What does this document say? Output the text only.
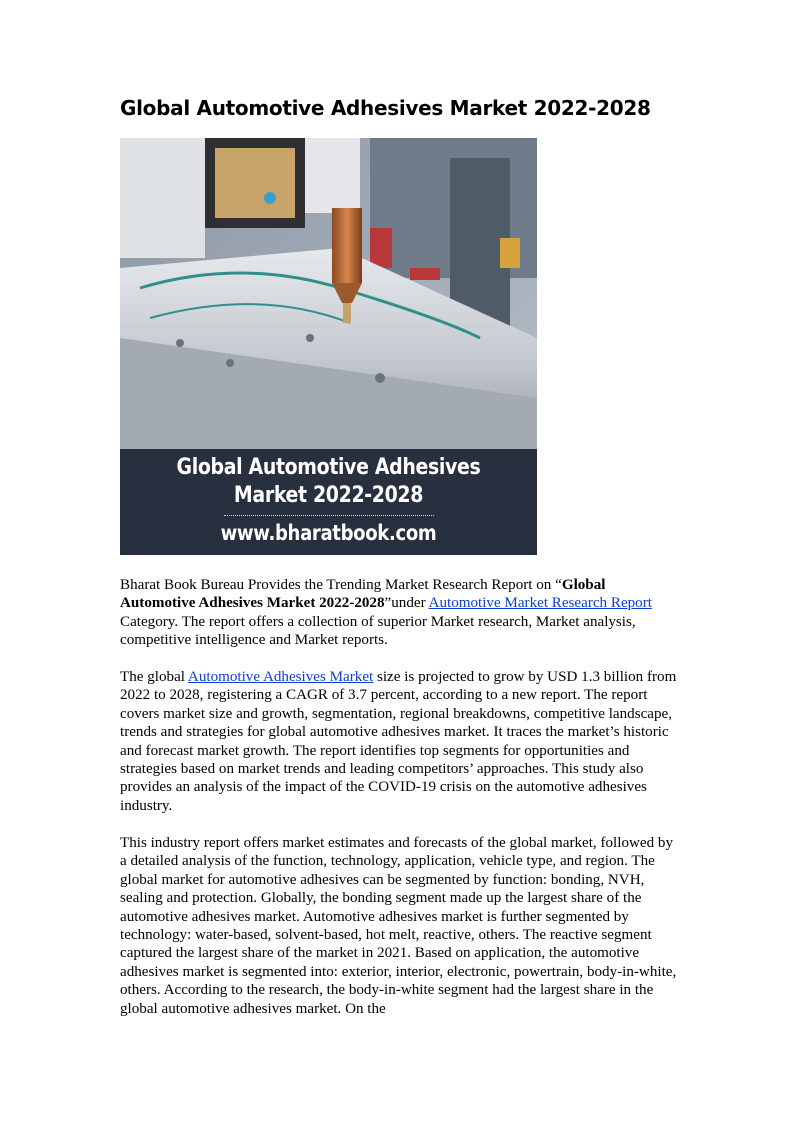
Global Automotive Adhesives Market 2022-2028
Global Automotive Adhesives
Market 2022-2028
www.bharatbook.com

Bharat Book Bureau Provides the Trending Market Research Report on “Global Automotive Adhesives Market 2022-2028”under Automotive Market Research Report Category. The report offers a collection of superior Market research, Market analysis, competitive intelligence and Market reports.

The global Automotive Adhesives Market size is projected to grow by USD 1.3 billion from 2022 to 2028, registering a CAGR of 3.7 percent, according to a new report. The report covers market size and growth, segmentation, regional breakdowns, competitive landscape, trends and strategies for global automotive adhesives market. It traces the market’s historic and forecast market growth. The report identifies top segments for opportunities and strategies based on market trends and leading competitors’ approaches. This study also provides an analysis of the impact of the COVID-19 crisis on the automotive adhesives industry.

This industry report offers market estimates and forecasts of the global market, followed by a detailed analysis of the function, technology, application, vehicle type, and region. The global market for automotive adhesives can be segmented by function: bonding, NVH, sealing and protection. Globally, the bonding segment made up the largest share of the automotive adhesives market. Automotive adhesives market is further segmented by technology: water-based, solvent-based, hot melt, reactive, others. The reactive segment captured the largest share of the market in 2021. Based on application, the automotive adhesives market is segmented into: exterior, interior, electronic, powertrain, body-in-white, others. According to the research, the body-in-white segment had the largest share in the global automotive adhesives market. On the
